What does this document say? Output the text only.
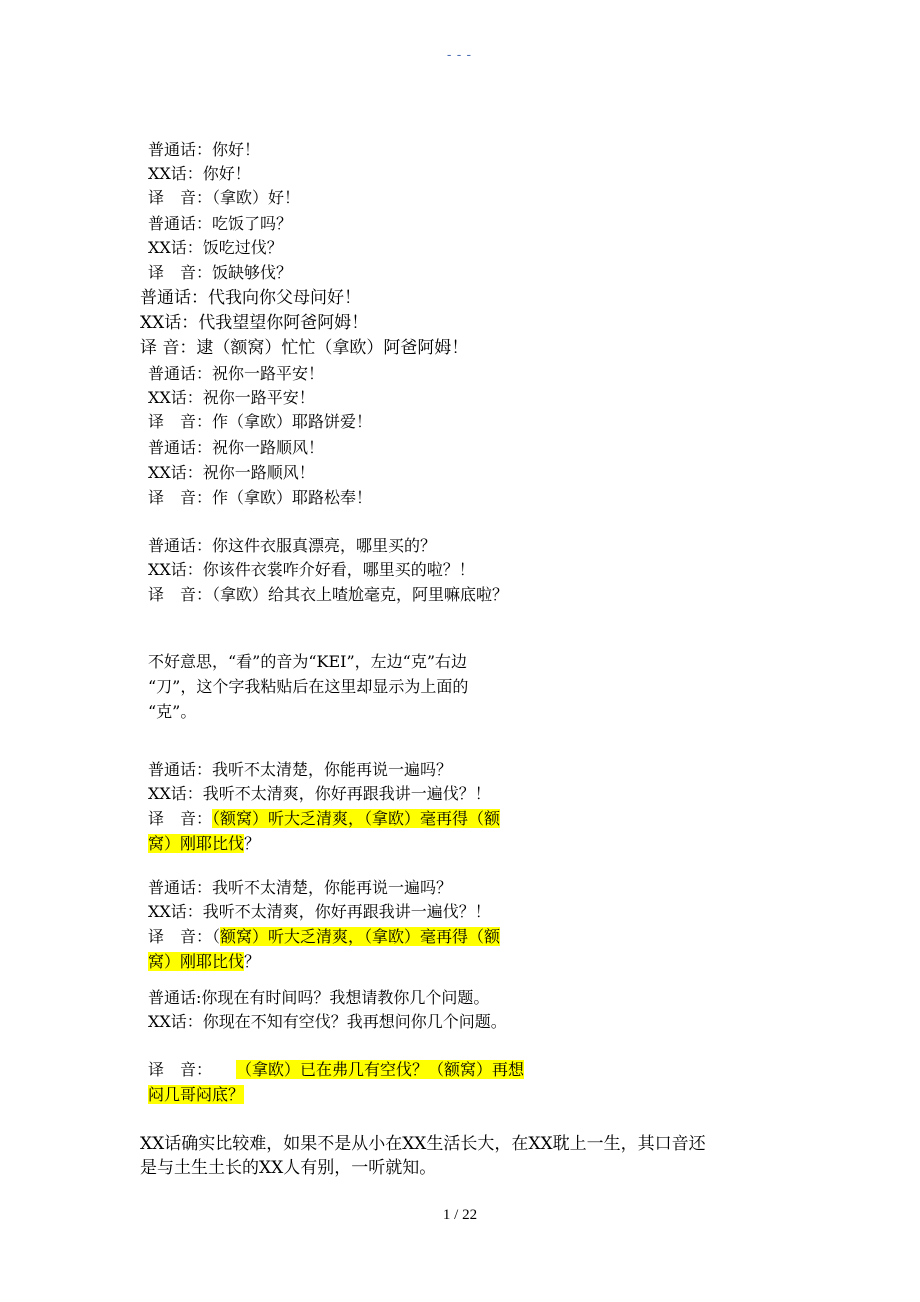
---
普通话：你好！
XX话：你好！
译　音：（拿欧）好！
普通话：吃饭了吗？
XX话：饭吃过伐？
译　音：饭缺够伐？
普通话：代我向你父母问好！
XX话：代我望望你阿爸阿姆！
译 音：逮（额窝）忙忙（拿欧）阿爸阿姆！
普通话：祝你一路平安！
XX话：祝你一路平安！
译　音：作（拿欧）耶路饼爱！
普通话：祝你一路顺风！
XX话：祝你一路顺风！
译　音：作（拿欧）耶路松奉！
普通话：你这件衣服真漂亮，哪里买的？
XX话：你该件衣裳咋介好看，哪里买的啦？！
译　音：（拿欧）给其衣上喳尬毫克，阿里嘛底啦？
不好意思，“看”的音为“KEI”，左边“克”右边
“刀”，这个字我粘贴后在这里却显示为上面的
“克”。
普通话：我听不太清楚，你能再说一遍吗？
XX话：我听不太清爽，你好再跟我讲一遍伐？！
译　音：（额窝）听大乏清爽，（拿欧）毫再得（额
窝）刚耶比伐？
普通话：我听不太清楚，你能再说一遍吗？
XX话：我听不太清爽，你好再跟我讲一遍伐？！
译　音：（额窝）听大乏清爽，（拿欧）毫再得（额
窝）刚耶比伐？
普通话:你现在有时间吗？我想请教你几个问题。
XX话：你现在不知有空伐？我再想问你几个问题。
译　音： （拿欧）已在弗几有空伐？（额窝）再想
闷几哥闷底？
XX话确实比较难，如果不是从小在XX生活长大，在XX耽上一生，其口音还
是与土生土长的XX人有别，一听就知。
1 / 22
